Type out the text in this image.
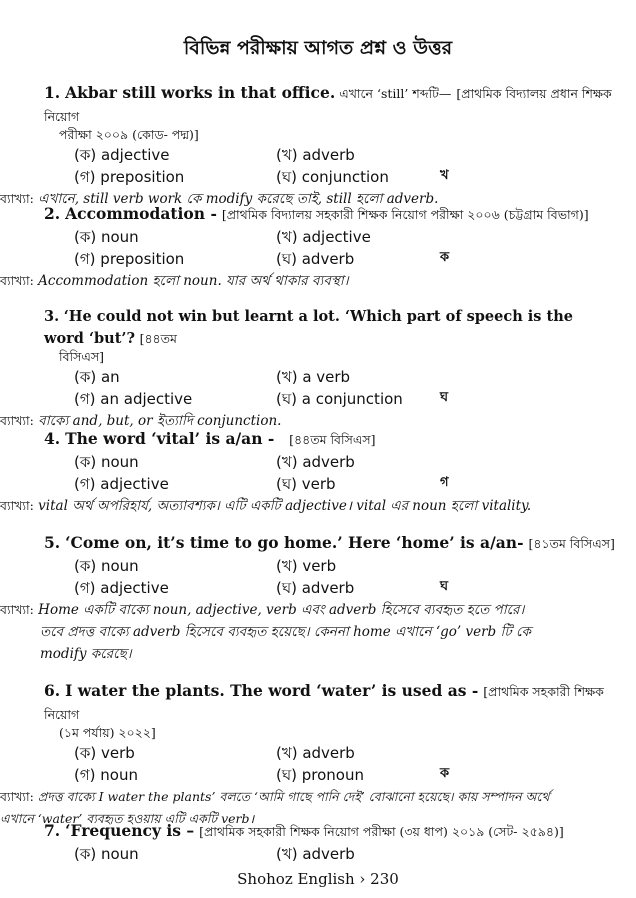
বিভিন্ন পরীক্ষায় আগত প্রশ্ন ও উত্তর
1. Akbar still works in that office. এখানে ‘still’ শব্দটি— [প্রাথমিক বিদ্যালয় প্রধান শিক্ষক নিয়োগ
পরীক্ষা ২০০৯ (কোড- পদ্ম)]
(ক) adjective	(খ) adverb
(গ) preposition	(ঘ) conjunction	খ
ব্যাখ্যা: এখানে, still verb work কে modify করেছে তাই, still হলো adverb.
2. Accommodation - [প্রাথমিক বিদ্যালয় সহকারী শিক্ষক নিয়োগ পরীক্ষা ২০০৬ (চট্টগ্রাম বিভাগ)]
(ক) noun	(খ) adjective
(গ) preposition	(ঘ) adverb	ক
ব্যাখ্যা: Accommodation হলো noun. যার অর্থ থাকার ব্যবস্থা।
3. ‘He could not win but learnt a lot. ‘Which part of speech is the word ‘but’? [৪৪তম
বিসিএস]
(ক) an	(খ) a verb
(গ) an adjective	(ঘ) a conjunction	ঘ
ব্যাখ্যা: বাক্যে and, but, or ইত্যাদি conjunction.
4. The word ‘vital’ is a/an - [৪৪তম বিসিএস]
(ক) noun	(খ) adverb
(গ) adjective	(ঘ) verb	গ
ব্যাখ্যা: vital অর্থ অপরিহার্য, অত্যাবশ্যক। এটি একটি adjective। vital এর noun হলো vitality.
5. ‘Come on, it’s time to go home.’ Here ‘home’ is a/an- [৪১তম বিসিএস]
(ক) noun	(খ) verb
(গ) adjective	(ঘ) adverb	ঘ
ব্যাখ্যা: Home একটি বাক্যে noun, adjective, verb এবং adverb হিসেবে ব্যবহৃত হতে পারে।
তবে প্রদত্ত বাক্যে adverb হিসেবে ব্যবহৃত হয়েছে। কেননা home এখানে ‘go’ verb টি কে
modify করেছে।
6. I water the plants. The word ‘water’ is used as - [প্রাথমিক সহকারী শিক্ষক নিয়োগ
(১ম পর্যায়) ২০২২]
(ক) verb	(খ) adverb
(গ) noun	(ঘ) pronoun	ক
ব্যাখ্যা: প্রদত্ত বাক্যে I water the plants’ বলতে ‘আমি গাছে পানি দেই’ বোঝানো হয়েছে। কায় সম্পাদন অর্থে
এখানে ‘water’ ব্যবহৃত হওয়ায় এটি একটি verb।
7. ‘Frequency is – [প্রাথমিক সহকারী শিক্ষক নিয়োগ পরীক্ষা (৩য় ধাপ) ২০১৯ (সেট- ২৫৯৪)]
(ক) noun	(খ) adverb
Shohoz English › 230
